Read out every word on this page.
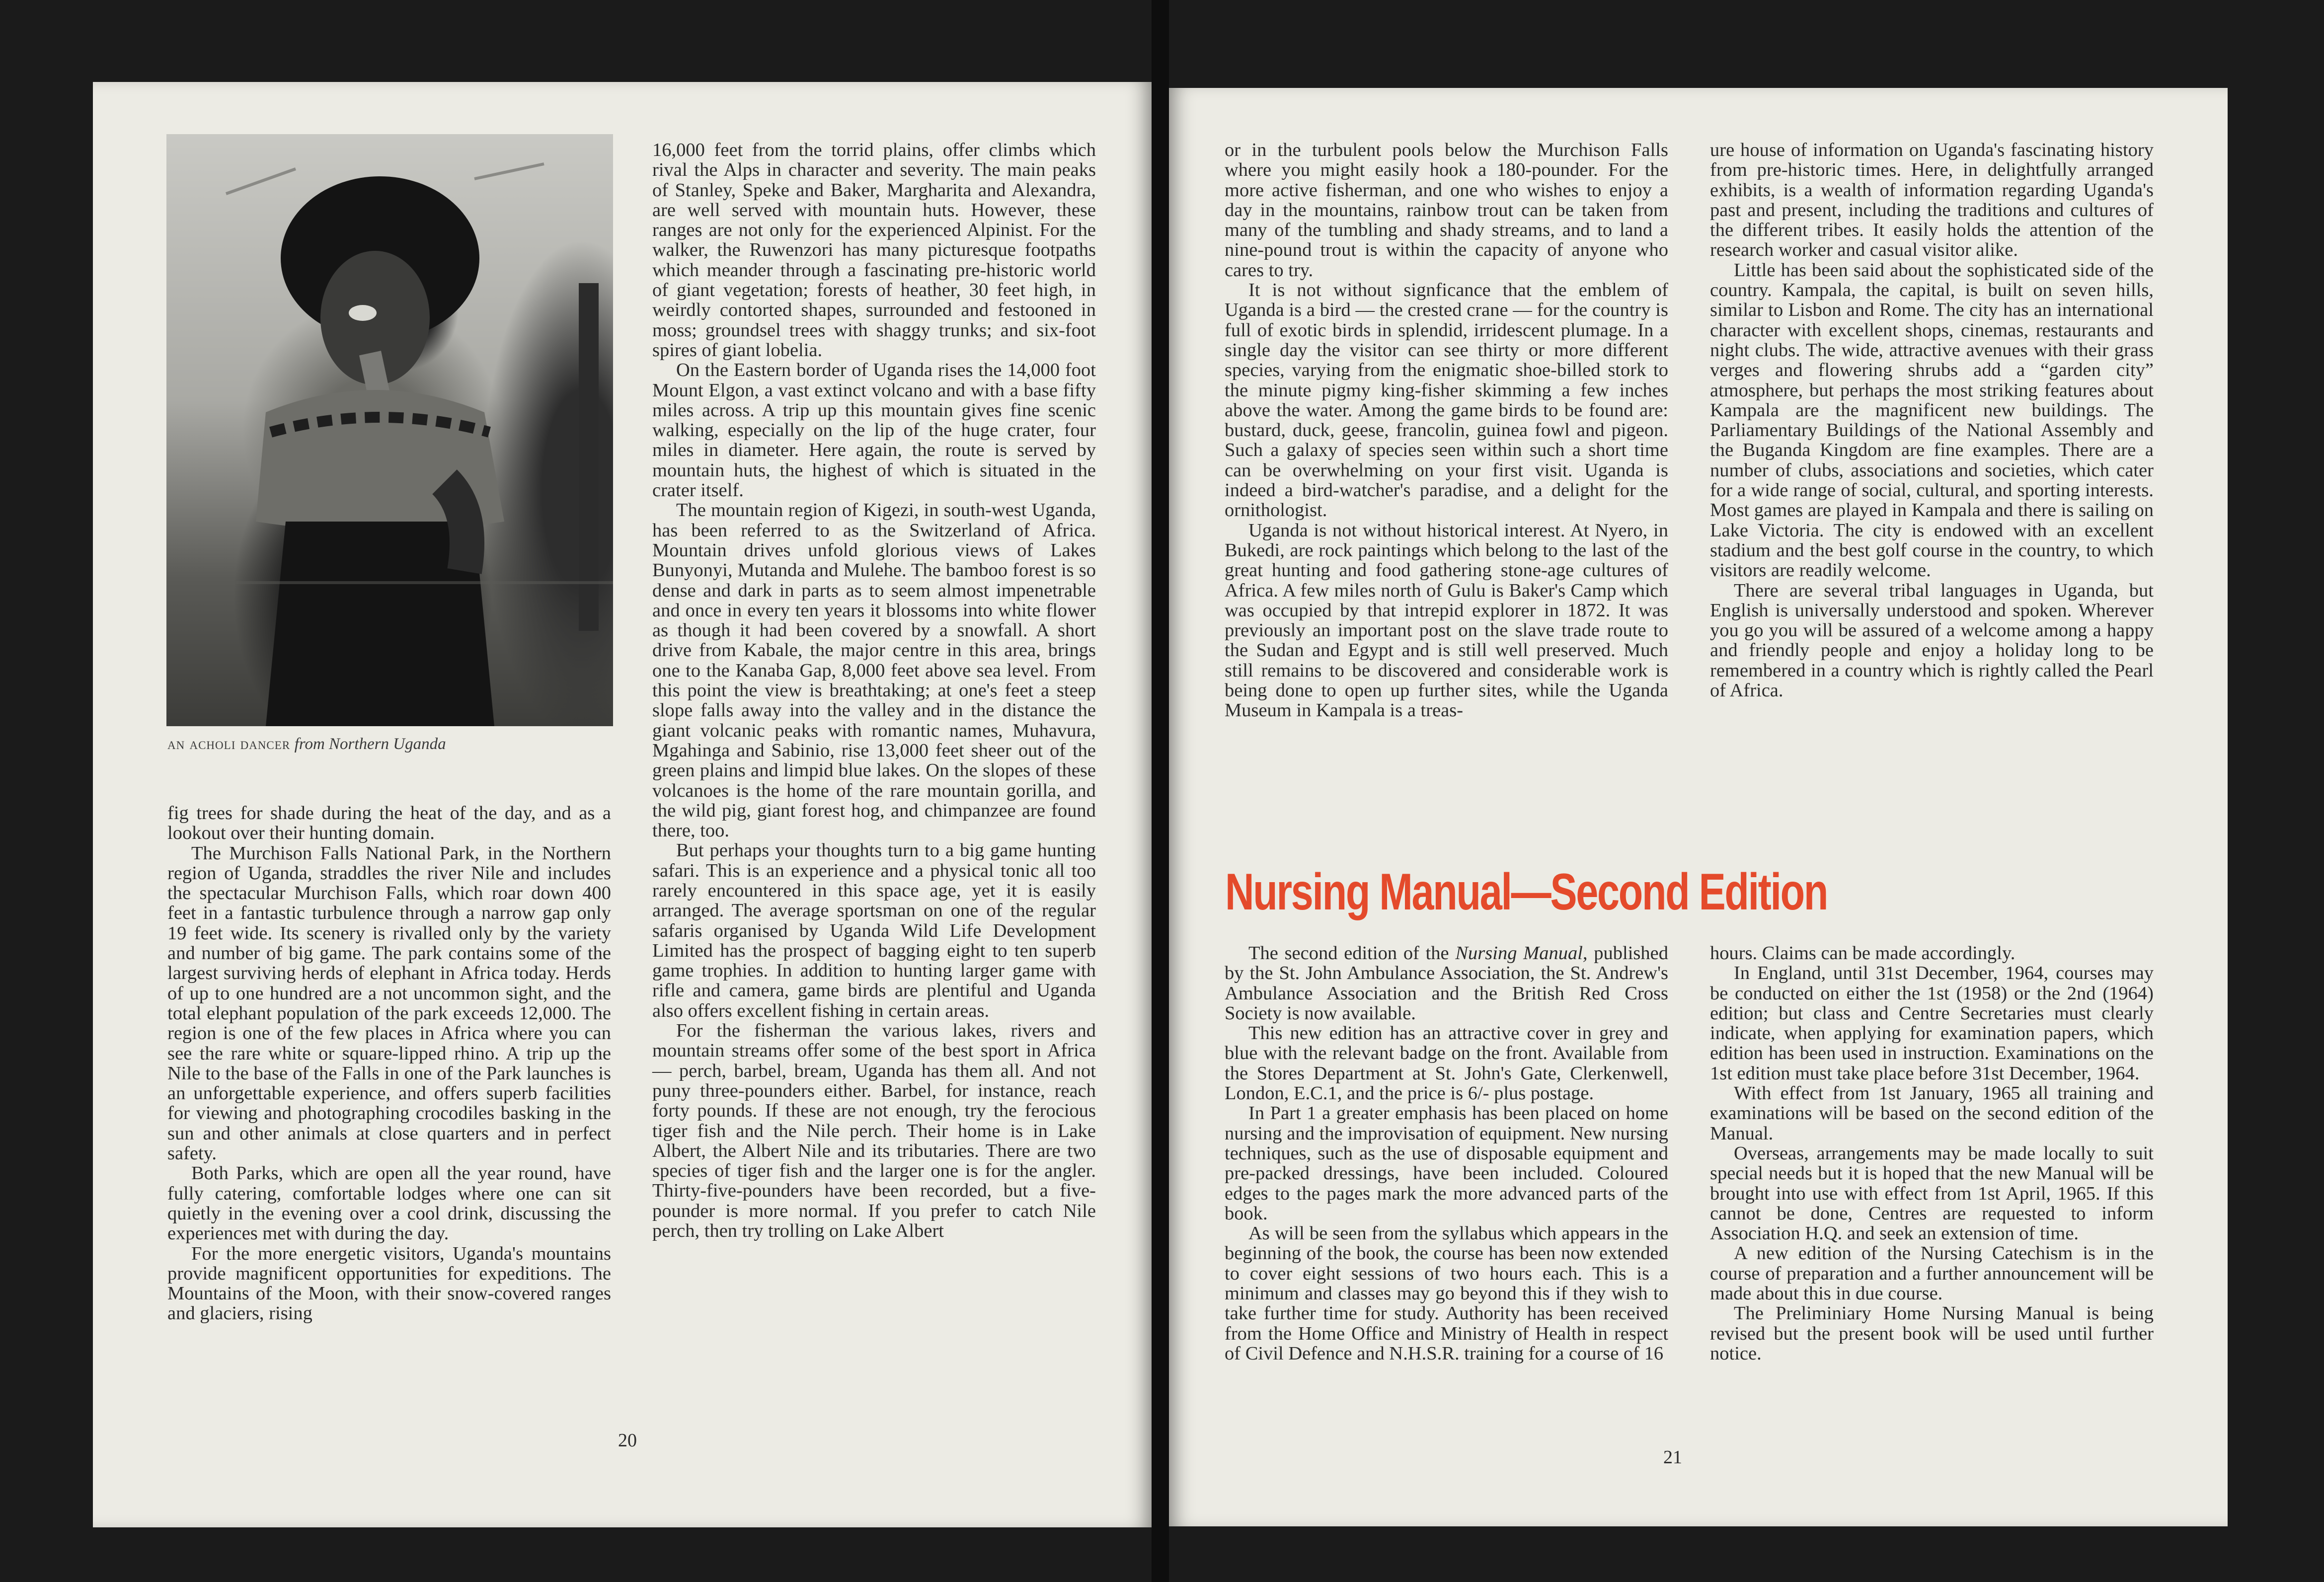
an acholi dancer from Northern Uganda

fig trees for shade during the heat of the day, and as a lookout over their hunting domain.

The Murchison Falls National Park, in the Northern region of Uganda, straddles the river Nile and includes the spectacular Murchison Falls, which roar down 400 feet in a fantastic turbulence through a narrow gap only 19 feet wide. Its scenery is rivalled only by the variety and number of big game. The park contains some of the largest surviving herds of elephant in Africa today. Herds of up to one hundred are a not uncommon sight, and the total elephant population of the park exceeds 12,000. The region is one of the few places in Africa where you can see the rare white or square-lipped rhino. A trip up the Nile to the base of the Falls in one of the Park launches is an unforgettable experience, and offers superb facilities for viewing and photographing crocodiles basking in the sun and other animals at close quarters and in perfect safety.

Both Parks, which are open all the year round, have fully catering, comfortable lodges where one can sit quietly in the evening over a cool drink, discussing the experiences met with during the day.

For the more energetic visitors, Uganda's mountains provide magnificent opportunities for expeditions. The Mountains of the Moon, with their snow-covered ranges and glaciers, rising

16,000 feet from the torrid plains, offer climbs which rival the Alps in character and severity. The main peaks of Stanley, Speke and Baker, Margharita and Alexandra, are well served with mountain huts. However, these ranges are not only for the experienced Alpinist. For the walker, the Ruwenzori has many picturesque footpaths which meander through a fascinating pre-historic world of giant vegetation; forests of heather, 30 feet high, in weirdly contorted shapes, surrounded and festooned in moss; groundsel trees with shaggy trunks; and six-foot spires of giant lobelia.

On the Eastern border of Uganda rises the 14,000 foot Mount Elgon, a vast extinct volcano and with a base fifty miles across. A trip up this mountain gives fine scenic walking, especially on the lip of the huge crater, four miles in diameter. Here again, the route is served by mountain huts, the highest of which is situated in the crater itself.

The mountain region of Kigezi, in south-west Uganda, has been referred to as the Switzerland of Africa. Mountain drives unfold glorious views of Lakes Bunyonyi, Mutanda and Mulehe. The bamboo forest is so dense and dark in parts as to seem almost impenetrable and once in every ten years it blossoms into white flower as though it had been covered by a snowfall. A short drive from Kabale, the major centre in this area, brings one to the Kanaba Gap, 8,000 feet above sea level. From this point the view is breathtaking; at one's feet a steep slope falls away into the valley and in the distance the giant volcanic peaks with romantic names, Muhavura, Mgahinga and Sabinio, rise 13,000 feet sheer out of the green plains and limpid blue lakes. On the slopes of these volcanoes is the home of the rare mountain gorilla, and the wild pig, giant forest hog, and chimpanzee are found there, too.

But perhaps your thoughts turn to a big game hunting safari. This is an experience and a physical tonic all too rarely encountered in this space age, yet it is easily arranged. The average sportsman on one of the regular safaris organised by Uganda Wild Life Development Limited has the prospect of bagging eight to ten superb game trophies. In addition to hunting larger game with rifle and camera, game birds are plentiful and Uganda also offers excellent fishing in certain areas.

For the fisherman the various lakes, rivers and mountain streams offer some of the best sport in Africa — perch, barbel, bream, Uganda has them all. And not puny three-pounders either. Barbel, for instance, reach forty pounds. If these are not enough, try the ferocious tiger fish and the Nile perch. Their home is in Lake Albert, the Albert Nile and its tributaries. There are two species of tiger fish and the larger one is for the angler. Thirty-five-pounders have been recorded, but a five-pounder is more normal. If you prefer to catch Nile perch, then try trolling on Lake Albert

20

or in the turbulent pools below the Murchison Falls where you might easily hook a 180-pounder. For the more active fisherman, and one who wishes to enjoy a day in the mountains, rainbow trout can be taken from many of the tumbling and shady streams, and to land a nine-pound trout is within the capacity of anyone who cares to try.

It is not without signficance that the emblem of Uganda is a bird — the crested crane — for the country is full of exotic birds in splendid, irridescent plumage. In a single day the visitor can see thirty or more different species, varying from the enigmatic shoe-billed stork to the minute pigmy king-fisher skimming a few inches above the water. Among the game birds to be found are: bustard, duck, geese, francolin, guinea fowl and pigeon. Such a galaxy of species seen within such a short time can be overwhelming on your first visit. Uganda is indeed a bird-watcher's paradise, and a delight for the ornithologist.

Uganda is not without historical interest. At Nyero, in Bukedi, are rock paintings which belong to the last of the great hunting and food gathering stone-age cultures of Africa. A few miles north of Gulu is Baker's Camp which was occupied by that intrepid explorer in 1872. It was previously an important post on the slave trade route to the Sudan and Egypt and is still well preserved. Much still remains to be discovered and considerable work is being done to open up further sites, while the Uganda Museum in Kampala is a treas-

ure house of information on Uganda's fascinating history from pre-historic times. Here, in delightfully arranged exhibits, is a wealth of information regarding Uganda's past and present, including the traditions and cultures of the different tribes. It easily holds the attention of the research worker and casual visitor alike.

Little has been said about the sophisticated side of the country. Kampala, the capital, is built on seven hills, similar to Lisbon and Rome. The city has an international character with excellent shops, cinemas, restaurants and night clubs. The wide, attractive avenues with their grass verges and flowering shrubs add a “garden city” atmosphere, but perhaps the most striking features about Kampala are the magnificent new buildings. The Parliamentary Buildings of the National Assembly and the Buganda Kingdom are fine examples. There are a number of clubs, associations and societies, which cater for a wide range of social, cultural, and sporting interests. Most games are played in Kampala and there is sailing on Lake Victoria. The city is endowed with an excellent stadium and the best golf course in the country, to which visitors are readily welcome.

There are several tribal languages in Uganda, but English is universally understood and spoken. Wherever you go you will be assured of a welcome among a happy and friendly people and enjoy a holiday long to be remembered in a country which is rightly called the Pearl of Africa.

Nursing Manual—Second Edition

The second edition of the Nursing Manual, published by the St. John Ambulance Association, the St. Andrew's Ambulance Association and the British Red Cross Society is now available.

This new edition has an attractive cover in grey and blue with the relevant badge on the front. Available from the Stores Department at St. John's Gate, Clerkenwell, London, E.C.1, and the price is 6/- plus postage.

In Part 1 a greater emphasis has been placed on home nursing and the improvisation of equipment. New nursing techniques, such as the use of disposable equipment and pre-packed dressings, have been included. Coloured edges to the pages mark the more advanced parts of the book.

As will be seen from the syllabus which appears in the beginning of the book, the course has been now extended to cover eight sessions of two hours each. This is a minimum and classes may go beyond this if they wish to take further time for study. Authority has been received from the Home Office and Ministry of Health in respect of Civil Defence and N.H.S.R. training for a course of 16

hours. Claims can be made accordingly.

In England, until 31st December, 1964, courses may be conducted on either the 1st (1958) or the 2nd (1964) edition; but class and Centre Secretaries must clearly indicate, when applying for examination papers, which edition has been used in instruction. Examinations on the 1st edition must take place before 31st December, 1964.

With effect from 1st January, 1965 all training and examinations will be based on the second edition of the Manual.

Overseas, arrangements may be made locally to suit special needs but it is hoped that the new Manual will be brought into use with effect from 1st April, 1965. If this cannot be done, Centres are requested to inform Association H.Q. and seek an extension of time.

A new edition of the Nursing Catechism is in the course of preparation and a further announcement will be made about this in due course.

The Preliminiary Home Nursing Manual is being revised but the present book will be used until further notice.

21
